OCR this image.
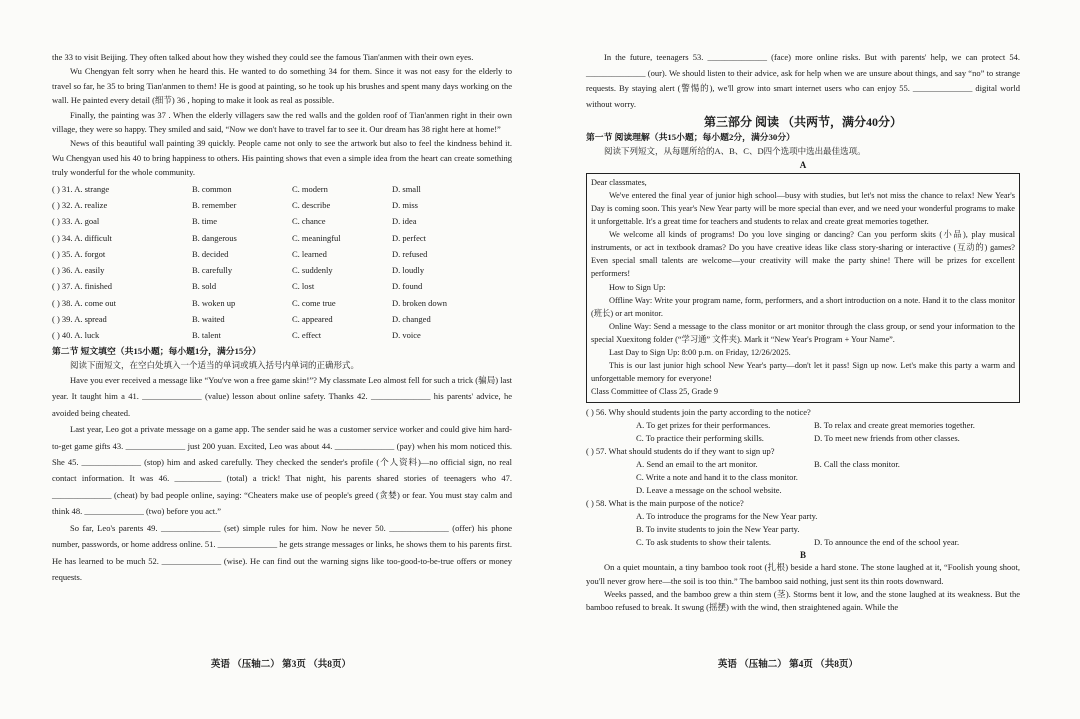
the 33 to visit Beijing. They often talked about how they wished they could see the famous Tian'anmen with their own eyes.

Wu Chengyan felt sorry when he heard this. He wanted to do something 34 for them. Since it was not easy for the elderly to travel so far, he 35 to bring Tian'anmen to them! He is good at painting, so he took up his brushes and spent many days working on the wall. He painted every detail (细节) 36 , hoping to make it look as real as possible.

Finally, the painting was 37 . When the elderly villagers saw the red walls and the golden roof of Tian'anmen right in their own village, they were so happy. They smiled and said, “Now we don't have to travel far to see it. Our dream has 38 right here at home!”

News of this beautiful wall painting 39 quickly. People came not only to see the artwork but also to feel the kindness behind it. Wu Chengyan used his 40 to bring happiness to others. His painting shows that even a simple idea from the heart can create something truly wonderful for the whole community.

( ) 31. A. strange	B. common	C. modern	D. small
( ) 32. A. realize	B. remember	C. describe	D. miss
( ) 33. A. goal	B. time	C. chance	D. idea
( ) 34. A. difficult	B. dangerous	C. meaningful	D. perfect
( ) 35. A. forgot	B. decided	C. learned	D. refused
( ) 36. A. easily	B. carefully	C. suddenly	D. loudly
( ) 37. A. finished	B. sold	C. lost	D. found
( ) 38. A. come out	B. woken up	C. come true	D. broken down
( ) 39. A. spread	B. waited	C. appeared	D. changed
( ) 40. A. luck	B. talent	C. effect	D. voice

第二节 短文填空（共15小题；每小题1分，满分15分）

阅读下面短文，在空白处填入一个适当的单词或填入括号内单词的正确形式。

Have you ever received a message like “You've won a free game skin!”? My classmate Leo almost fell for such a trick (骗局) last year. It taught him a 41. ______________ (value) lesson about online safety. Thanks 42. ______________ his parents' advice, he avoided being cheated.

Last year, Leo got a private message on a game app. The sender said he was a customer service worker and could give him hard-to-get game gifts 43. ______________ just 200 yuan. Excited, Leo was about 44. ______________ (pay) when his mom noticed this. She 45. ______________ (stop) him and asked carefully. They checked the sender's profile (个人资料)—no official sign, no real contact information. It was 46. ___________ (total) a trick! That night, his parents shared stories of teenagers who 47. ______________ (cheat) by bad people online, saying: “Cheaters make use of people's greed (贪婪) or fear. You must stay calm and think 48. ______________ (two) before you act.”

So far, Leo's parents 49. ______________ (set) simple rules for him. Now he never 50. ______________ (offer) his phone number, passwords, or home address online. 51. ______________ he gets strange messages or links, he shows them to his parents first. He has learned to be much 52. ______________ (wise). He can find out the warning signs like too-good-to-be-true offers or money requests.

英语 （压轴二） 第3页 （共8页）

In the future, teenagers 53. ______________ (face) more online risks. But with parents' help, we can protect 54. ______________ (our). We should listen to their advice, ask for help when we are unsure about things, and say “no” to strange requests. By staying alert (警惕的), we'll grow into smart internet users who can enjoy 55. ______________ digital world without worry.

第三部分 阅读 （共两节，满分40分）

第一节 阅读理解（共15小题；每小题2分，满分30分）

阅读下列短文，从每题所给的A、B、C、D四个选项中选出最佳选项。

A

Dear classmates,

We've entered the final year of junior high school—busy with studies, but let's not miss the chance to relax! New Year's Day is coming soon. This year's New Year party will be more special than ever, and we need your wonderful programs to make it unforgettable. It's a great time for teachers and students to relax and create great memories together.

We welcome all kinds of programs! Do you love singing or dancing? Can you perform skits (小品), play musical instruments, or act in textbook dramas? Do you have creative ideas like class story-sharing or interactive (互动的) games? Even special small talents are welcome—your creativity will make the party shine! There will be prizes for excellent performers!

How to Sign Up:

Offline Way: Write your program name, form, performers, and a short introduction on a note. Hand it to the class monitor (班长) or art monitor.

Online Way: Send a message to the class monitor or art monitor through the class group, or send your information to the special Xuexitong folder (“学习通” 文件夹). Mark it “New Year's Program + Your Name”.

Last Day to Sign Up: 8:00 p.m. on Friday, 12/26/2025.

This is our last junior high school New Year's party—don't let it pass! Sign up now. Let's make this party a warm and unforgettable memory for everyone!

Class Committee of Class 25, Grade 9

( ) 56. Why should students join the party according to the notice?
A. To get prizes for their performances.	B. To relax and create great memories together.
C. To practice their performing skills.	D. To meet new friends from other classes.
( ) 57. What should students do if they want to sign up?
A. Send an email to the art monitor.	B. Call the class monitor.
C. Write a note and hand it to the class monitor.
D. Leave a message on the school website.
( ) 58. What is the main purpose of the notice?
A. To introduce the programs for the New Year party.
B. To invite students to join the New Year party.
C. To ask students to show their talents.	D. To announce the end of the school year.
B

On a quiet mountain, a tiny bamboo took root (扎根) beside a hard stone. The stone laughed at it, “Foolish young shoot, you'll never grow here—the soil is too thin.” The bamboo said nothing, just sent its thin roots downward.

Weeks passed, and the bamboo grew a thin stem (茎). Storms bent it low, and the stone laughed at its weakness. But the bamboo refused to break. It swung (摇摆) with the wind, then straightened again. While the

英语 （压轴二） 第4页 （共8页）
